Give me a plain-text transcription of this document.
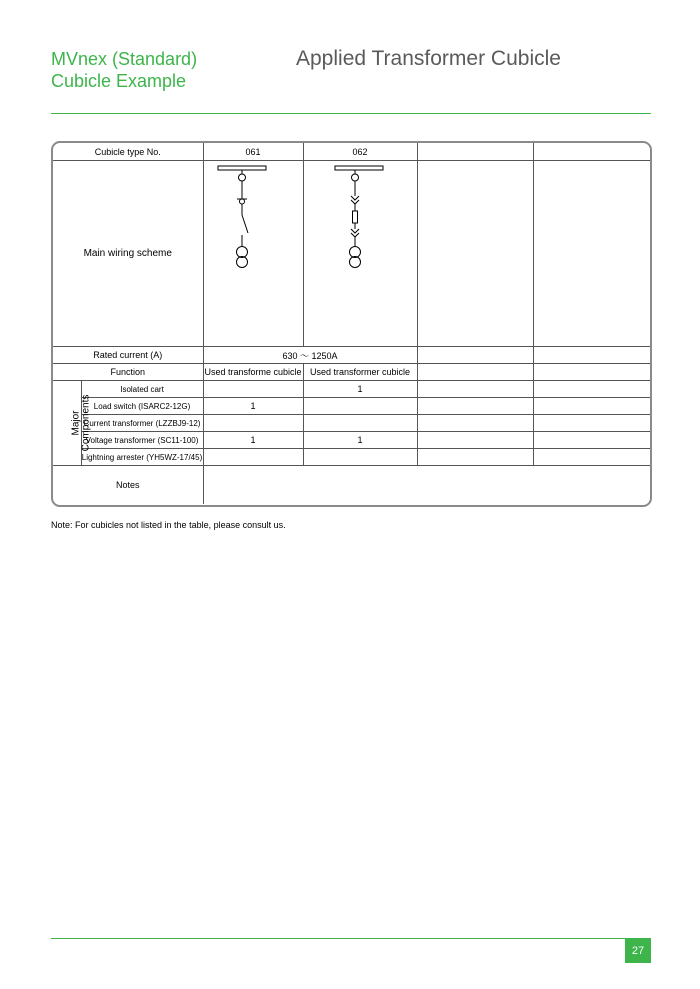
MVnex (Standard)
Cubicle Example
Applied Transformer Cubicle
Cubicle type No.		061	062		
Main wiring scheme	

Rated current (A)		630 〜 1250A			
Function		Used transforme cubicle	Used transformer cubicle		
Major
Components	Isolated cart		1		
	Load switch (ISARC2-12G)	1			
	Current transformer (LZZBJ9-12)				
	Voltage transformer (SC11-100)	1	1		
	Lightning arrester (YH5WZ-17/45)				
Notes					
Note: For cubicles not listed in the table, please consult us.
27
